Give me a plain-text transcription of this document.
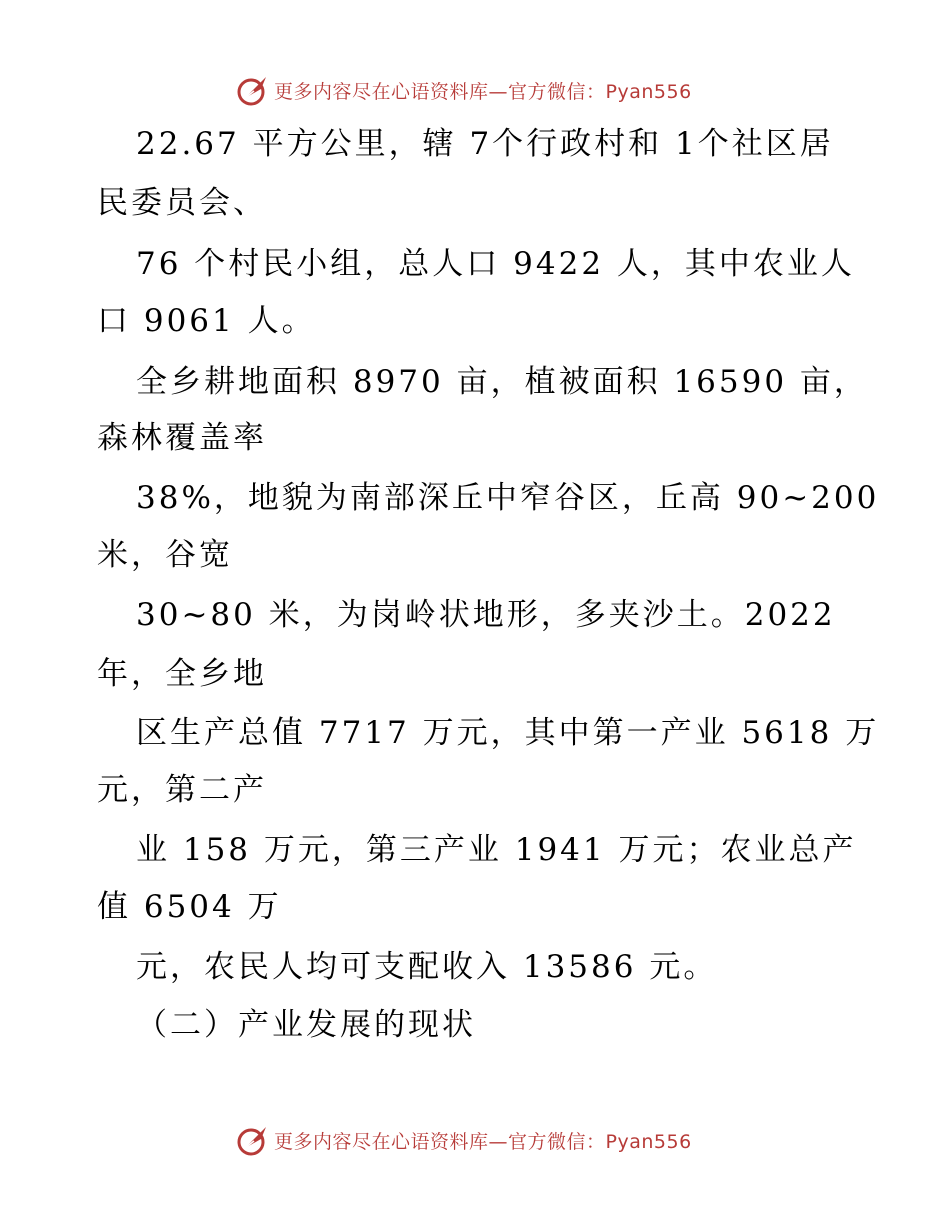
更多内容尽在心语资料库—官方微信：Pyan556

22.67 平方公里，辖 7个行政村和 1个社区居

民委员会、

76 个村民小组，总人口 9422 人，其中农业人

口 9061 人。

全乡耕地面积 8970 亩，植被面积 16590 亩，

森林覆盖率

38%，地貌为南部深丘中窄谷区，丘高 90~200

米，谷宽

30~80 米，为岗岭状地形，多夹沙土。2022

年，全乡地

区生产总值 7717 万元，其中第一产业 5618 万

元，第二产

业 158 万元，第三产业 1941 万元；农业总产

值 6504 万

元，农民人均可支配收入 13586 元。

（二）产业发展的现状

更多内容尽在心语资料库—官方微信：Pyan556
